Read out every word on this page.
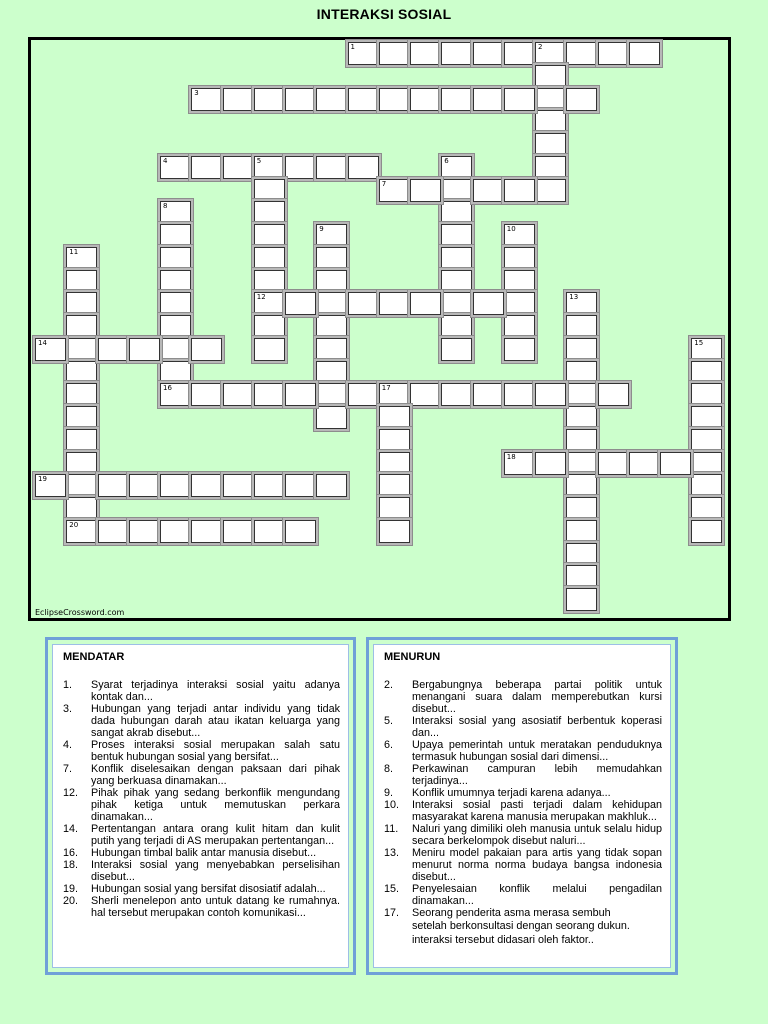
INTERAKSI SOSIAL
EclipseCrossword.com
1	2
3
4	5
12
6
7
8
9	10
11
20
13
14	15
16	17
18
19
MENDATAR
1.	Syarat terjadinya interaksi sosial yaitu adanya kontak dan...
3.	Hubungan yang terjadi antar individu yang tidak dada hubungan darah atau ikatan keluarga yang sangat akrab disebut...
4.	Proses interaksi sosial merupakan salah satu bentuk hubungan sosial yang bersifat...
7.	Konflik diselesaikan dengan paksaan dari pihak yang berkuasa dinamakan...
12.	Pihak pihak yang sedang berkonflik mengundang pihak ketiga untuk memutuskan perkara dinamakan...
14.	Pertentangan antara orang kulit hitam dan kulit putih yang terjadi di AS merupakan pertentangan...
16.	Hubungan timbal balik antar manusia disebut...
18.	Interaksi sosial yang menyebabkan perselisihan disebut...
19.	Hubungan sosial yang bersifat disosiatif adalah...
20.	Sherli menelepon anto untuk datang ke rumahnya. hal tersebut merupakan contoh komunikasi...
MENURUN
2.	Bergabungnya beberapa partai politik untuk menangani suara dalam memperebutkan kursi disebut...
5.	Interaksi sosial yang asosiatif berbentuk koperasi dan...
6.	Upaya pemerintah untuk meratakan penduduknya termasuk hubungan sosial dari dimensi...
8.	Perkawinan campuran lebih memudahkan terjadinya...
9.	Konflik umumnya terjadi karena adanya...
10.	Interaksi sosial pasti terjadi dalam kehidupan masyarakat karena manusia merupakan makhluk...
11.	Naluri yang dimiliki oleh manusia untuk selalu hidup secara berkelompok disebut naluri...
13.	Meniru model pakaian para artis yang tidak sopan menurut norma norma budaya bangsa indonesia disebut...
15.	Penyelesaian konflik melalui pengadilan dinamakan...
17.	Seorang penderita asma merasa sembuh
setelah berkonsultasi dengan seorang dukun.
interaksi tersebut didasari oleh faktor..
